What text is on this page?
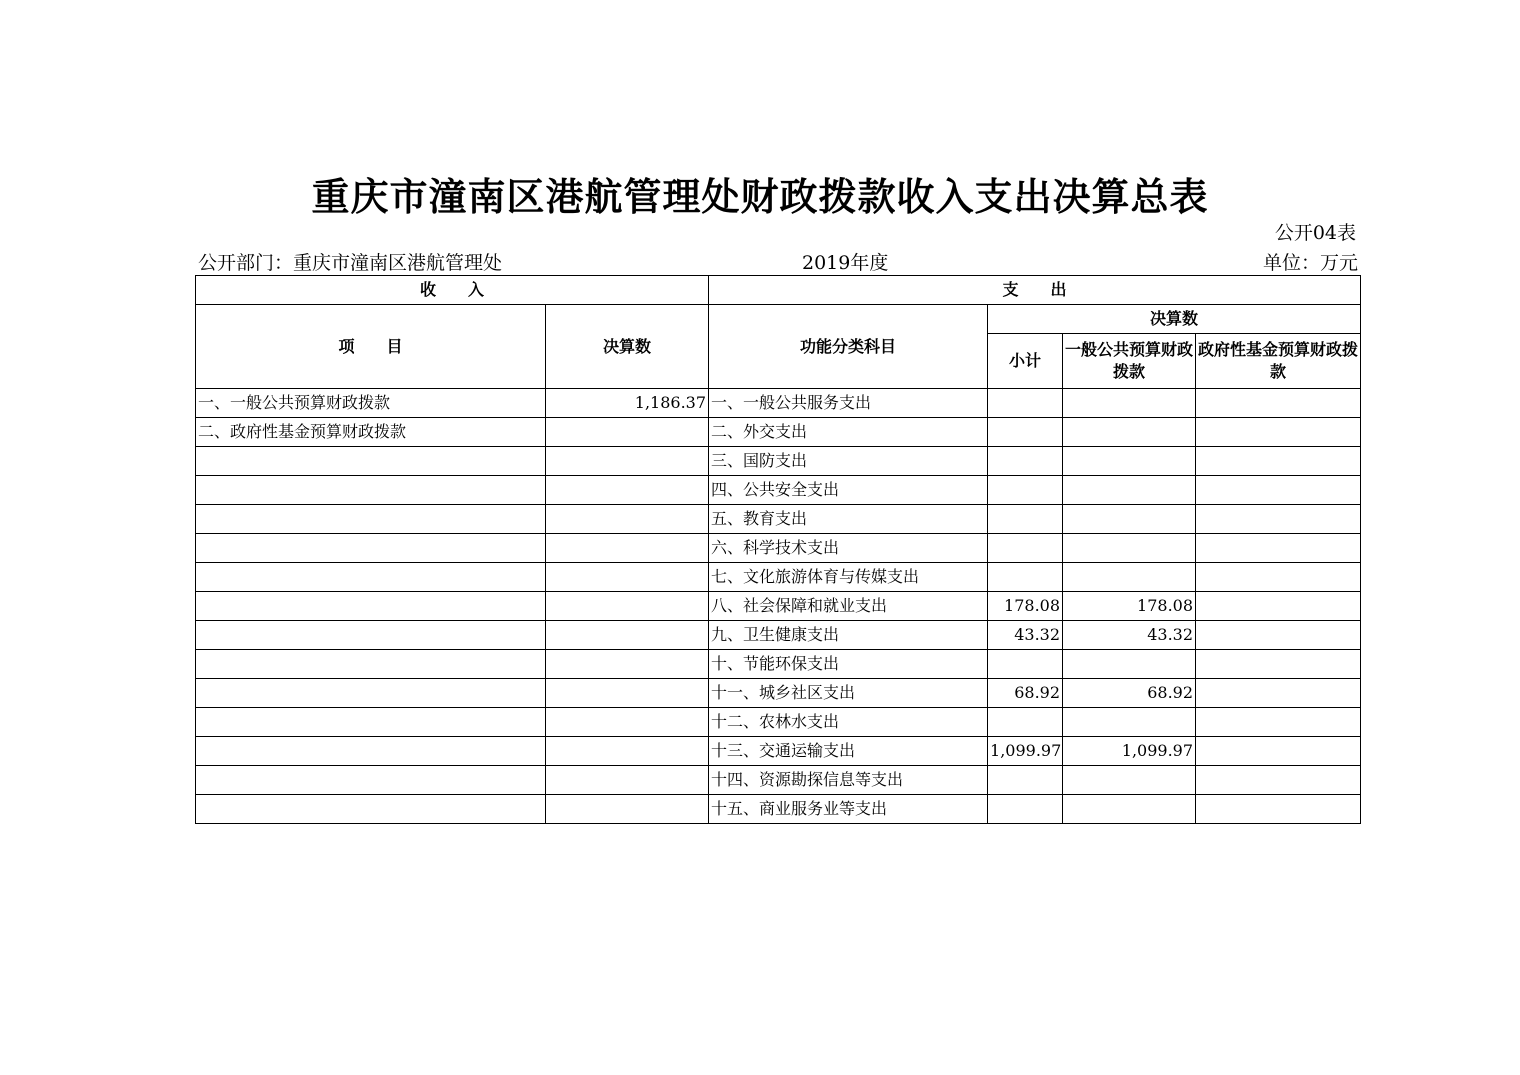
重庆市潼南区港航管理处财政拨款收入支出决算总表
公开04表
公开部门：重庆市潼南区港航管理处	2019年度	单位：万元
收　　入		支　　出			
项　　目	决算数	功能分类科目	决算数		
			小计	一般公共预算财政拨款	政府性基金预算财政拨款
一、一般公共预算财政拨款	1,186.37	一、一般公共服务支出			
二、政府性基金预算财政拨款		二、外交支出			
		三、国防支出			
		四、公共安全支出			
		五、教育支出			
		六、科学技术支出			
		七、文化旅游体育与传媒支出			
		八、社会保障和就业支出	178.08	178.08	
		九、卫生健康支出	43.32	43.32	
		十、节能环保支出			
		十一、城乡社区支出	68.92	68.92	
		十二、农林水支出			
		十三、交通运输支出	1,099.97	1,099.97	
		十四、资源勘探信息等支出			
		十五、商业服务业等支出			
